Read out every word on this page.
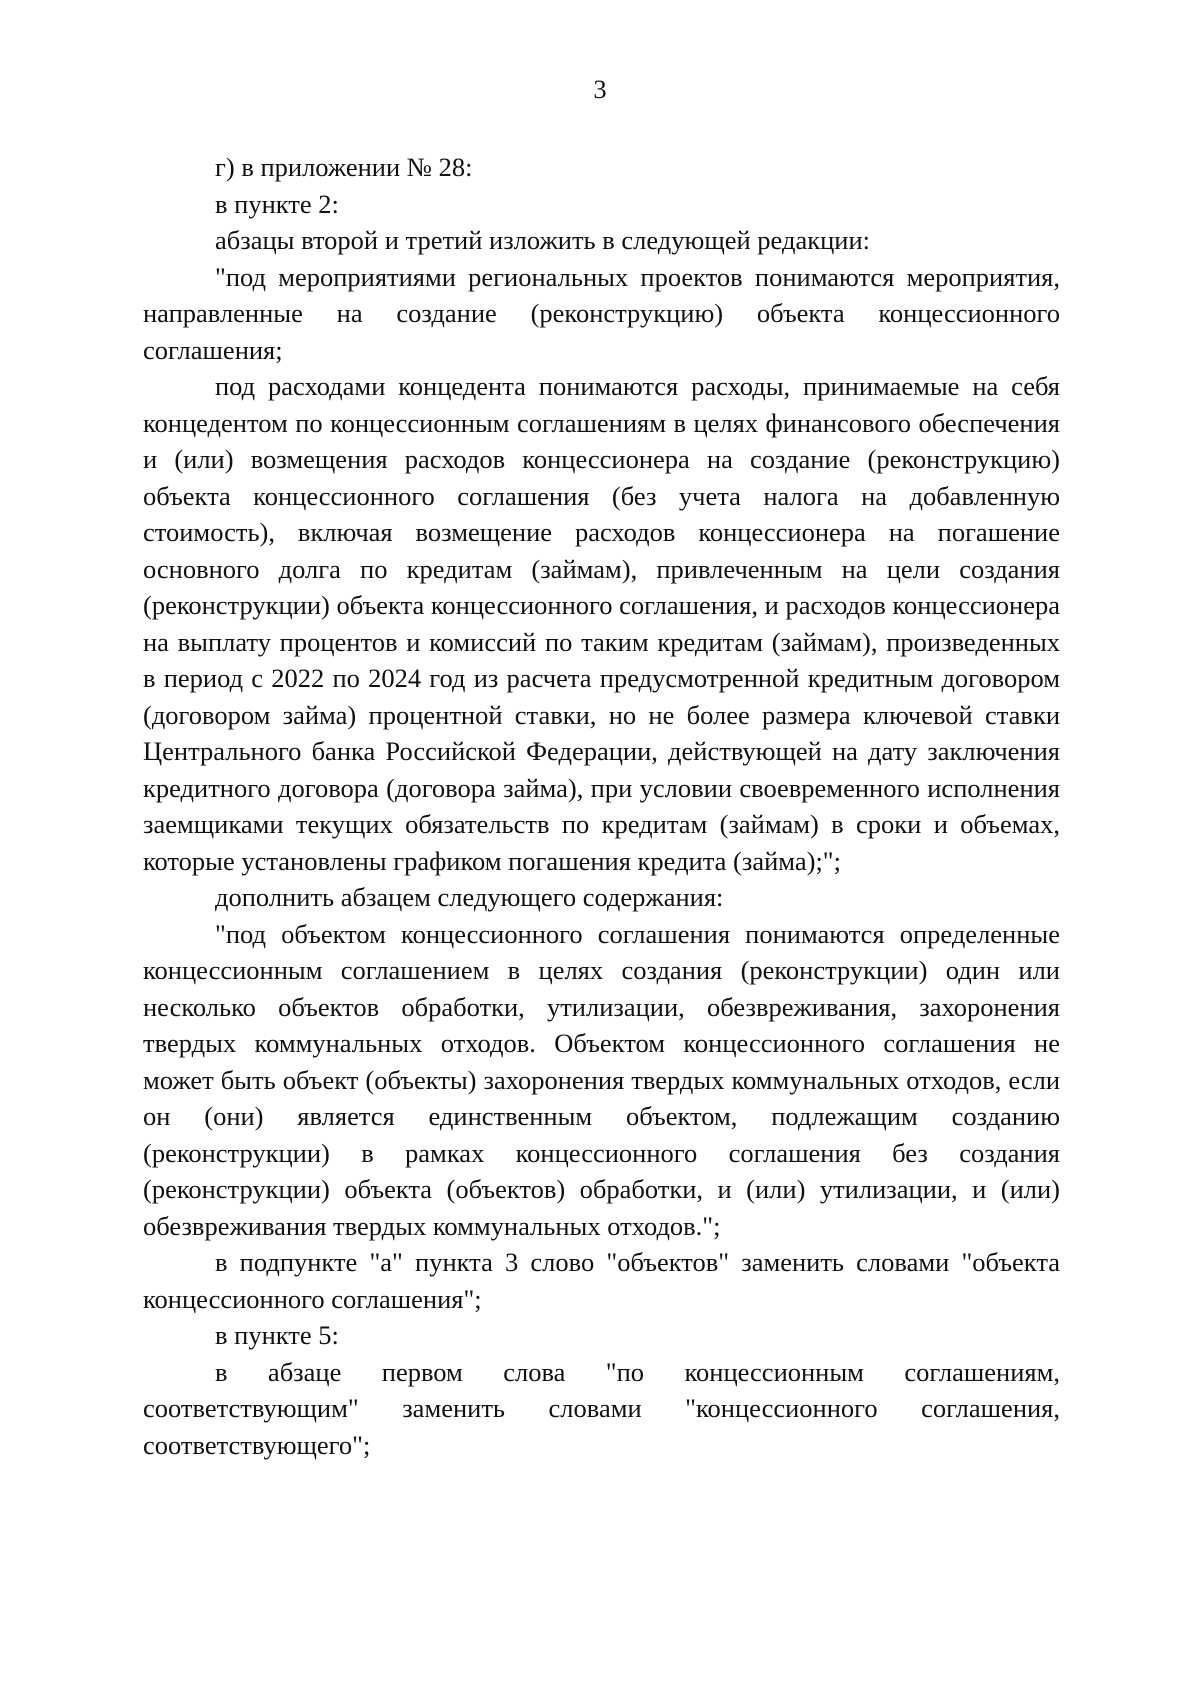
3

г) в приложении № 28:

в пункте 2:

абзацы второй и третий изложить в следующей редакции:

"под мероприятиями региональных проектов понимаются мероприятия, направленные на создание (реконструкцию) объекта концессионного соглашения;

под расходами концедента понимаются расходы, принимаемые на себя концедентом по концессионным соглашениям в целях финансового обеспечения и (или) возмещения расходов концессионера на создание (реконструкцию) объекта концессионного соглашения (без учета налога на добавленную стоимость), включая возмещение расходов концессионера на погашение основного долга по кредитам (займам), привлеченным на цели создания (реконструкции) объекта концессионного соглашения, и расходов концессионера на выплату процентов и комиссий по таким кредитам (займам), произведенных в период с 2022 по 2024 год из расчета предусмотренной кредитным договором (договором займа) процентной ставки, но не более размера ключевой ставки Центрального банка Российской Федерации, действующей на дату заключения кредитного договора (договора займа), при условии своевременного исполнения заемщиками текущих обязательств по кредитам (займам) в сроки и объемах, которые установлены графиком погашения кредита (займа);";

дополнить абзацем следующего содержания:

"под объектом концессионного соглашения понимаются определенные концессионным соглашением в целях создания (реконструкции) один или несколько объектов обработки, утилизации, обезвреживания, захоронения твердых коммунальных отходов. Объектом концессионного соглашения не может быть объект (объекты) захоронения твердых коммунальных отходов, если он (они) является единственным объектом, подлежащим созданию (реконструкции) в рамках концессионного соглашения без создания (реконструкции) объекта (объектов) обработки, и (или) утилизации, и (или) обезвреживания твердых коммунальных отходов.";

в подпункте "а" пункта 3 слово "объектов" заменить словами "объекта концессионного соглашения";

в пункте 5:

в абзаце первом слова "по концессионным соглашениям, соответствующим" заменить словами "концессионного соглашения, соответствующего";
